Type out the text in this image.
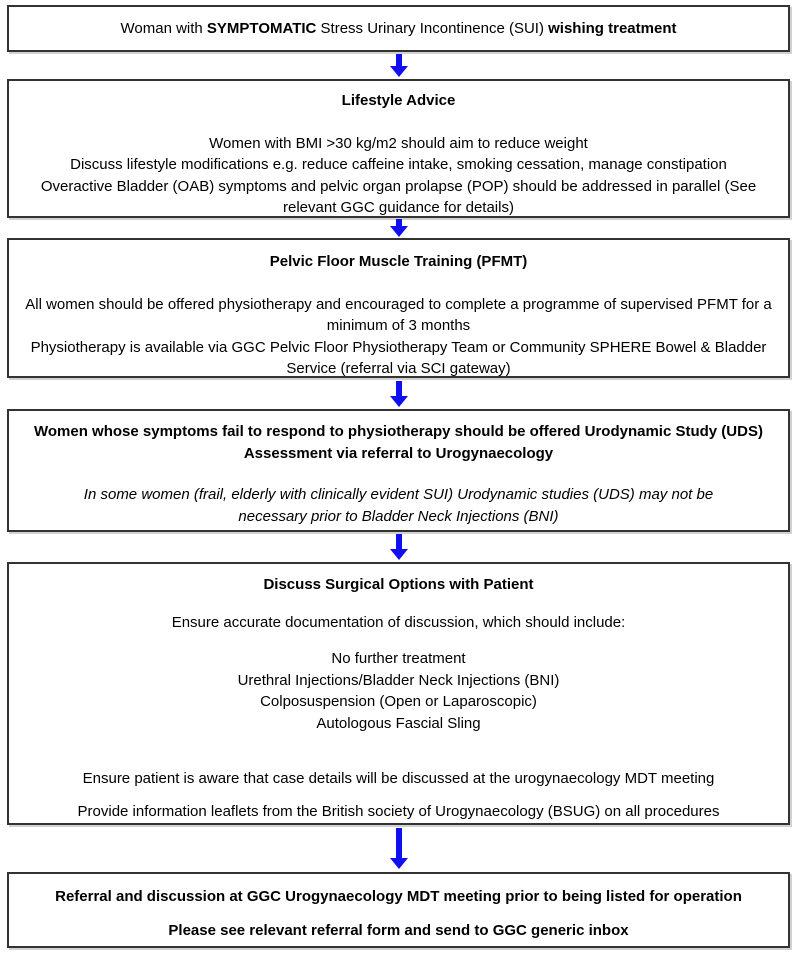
Woman with SYMPTOMATIC Stress Urinary Incontinence (SUI) wishing treatment
Lifestyle Advice
Women with BMI >30 kg/m2 should aim to reduce weight
Discuss lifestyle modifications e.g. reduce caffeine intake, smoking cessation, manage constipation
Overactive Bladder (OAB) symptoms and pelvic organ prolapse (POP) should be addressed in parallel (See relevant GGC guidance for details)
Pelvic Floor Muscle Training (PFMT)
All women should be offered physiotherapy and encouraged to complete a programme of supervised PFMT for a minimum of 3 months
Physiotherapy is available via GGC Pelvic Floor Physiotherapy Team or Community SPHERE Bowel & Bladder Service (referral via SCI gateway)
Women whose symptoms fail to respond to physiotherapy should be offered Urodynamic Study (UDS) Assessment via referral to Urogynaecology
In some women (frail, elderly with clinically evident SUI) Urodynamic studies (UDS) may not be necessary prior to Bladder Neck Injections (BNI)
Discuss Surgical Options with Patient
Ensure accurate documentation of discussion, which should include:
No further treatment
Urethral Injections/Bladder Neck Injections (BNI)
Colposuspension (Open or Laparoscopic)
Autologous Fascial Sling
Ensure patient is aware that case details will be discussed at the urogynaecology MDT meeting
Provide information leaflets from the British society of Urogynaecology (BSUG) on all procedures
Referral and discussion at GGC Urogynaecology MDT meeting prior to being listed for operation
Please see relevant referral form and send to GGC generic inbox
